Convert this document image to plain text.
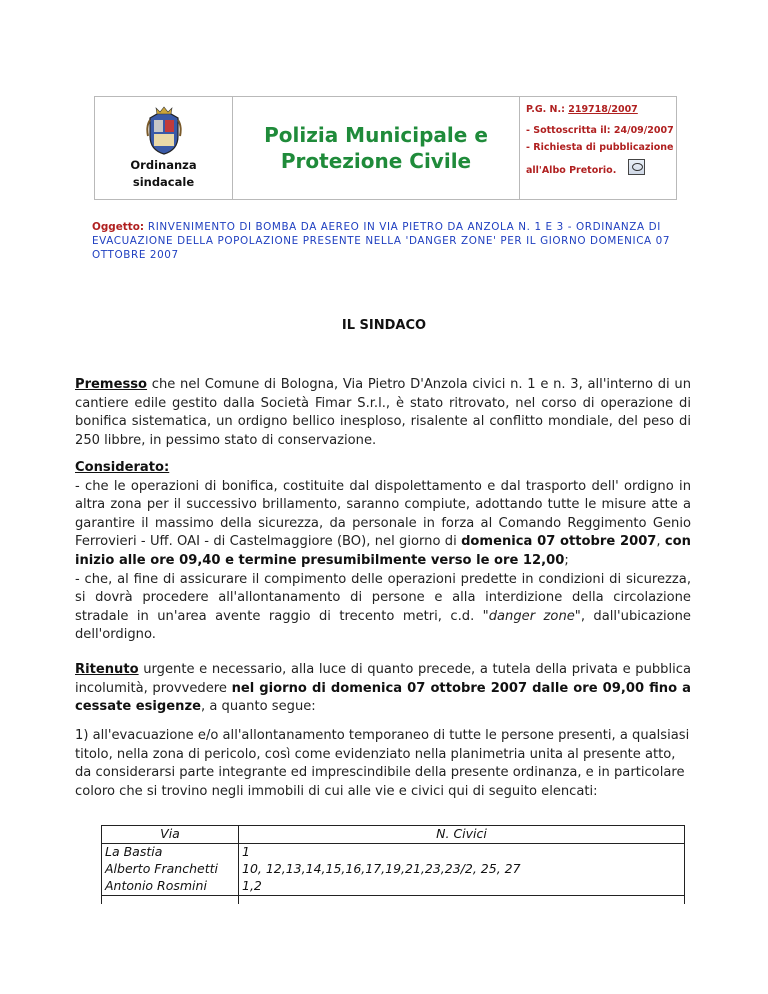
Ordinanza
sindacale
Polizia Municipale e
Protezione Civile
P.G. N.: 219718/2007
- Sottoscritta il: 24/09/2007
- Richiesta di pubblicazione
all'Albo Pretorio.
Oggetto: RINVENIMENTO DI BOMBA DA AEREO IN VIA PIETRO DA ANZOLA N. 1 E 3 - ORDINANZA DI EVACUAZIONE DELLA POPOLAZIONE PRESENTE NELLA 'DANGER ZONE' PER IL GIORNO DOMENICA 07 OTTOBRE 2007
IL SINDACO
Premesso che nel Comune di Bologna, Via Pietro D'Anzola civici n. 1 e n. 3, all'interno di un cantiere edile gestito dalla Società Fimar S.r.l., è stato ritrovato, nel corso di operazione di bonifica sistematica, un ordigno bellico inesploso, risalente al conflitto mondiale, del peso di 250 libbre, in pessimo stato di conservazione.
Considerato:
- che le operazioni di bonifica, costituite dal dispolettamento e dal trasporto dell' ordigno in altra zona per il successivo brillamento, saranno compiute, adottando tutte le misure atte a garantire il massimo della sicurezza, da personale in forza al Comando Reggimento Genio Ferrovieri - Uff. OAI - di Castelmaggiore (BO), nel giorno di domenica 07 ottobre 2007, con inizio alle ore 09,40 e termine presumibilmente verso le ore 12,00;
- che, al fine di assicurare il compimento delle operazioni predette in condizioni di sicurezza, si dovrà procedere all'allontanamento di persone e alla interdizione della circolazione stradale in un'area avente raggio di trecento metri, c.d. "danger zone", dall'ubicazione dell'ordigno.
Ritenuto urgente e necessario, alla luce di quanto precede, a tutela della privata e pubblica incolumità, provvedere nel giorno di domenica 07 ottobre 2007 dalle ore 09,00 fino a cessate esigenze, a quanto segue:
1) all'evacuazione e/o all'allontanamento temporaneo di tutte le persone presenti, a qualsiasi titolo, nella zona di pericolo, così come evidenziato nella planimetria unita al presente atto, da considerarsi parte integrante ed imprescindibile della presente ordinanza, e in particolare coloro che si trovino negli immobili di cui alle vie e civici qui di seguito elencati:
Via	N. Civici
La Bastia	1
Alberto Franchetti	10, 12,13,14,15,16,17,19,21,23,23/2, 25, 27
Antonio Rosmini	1,2
